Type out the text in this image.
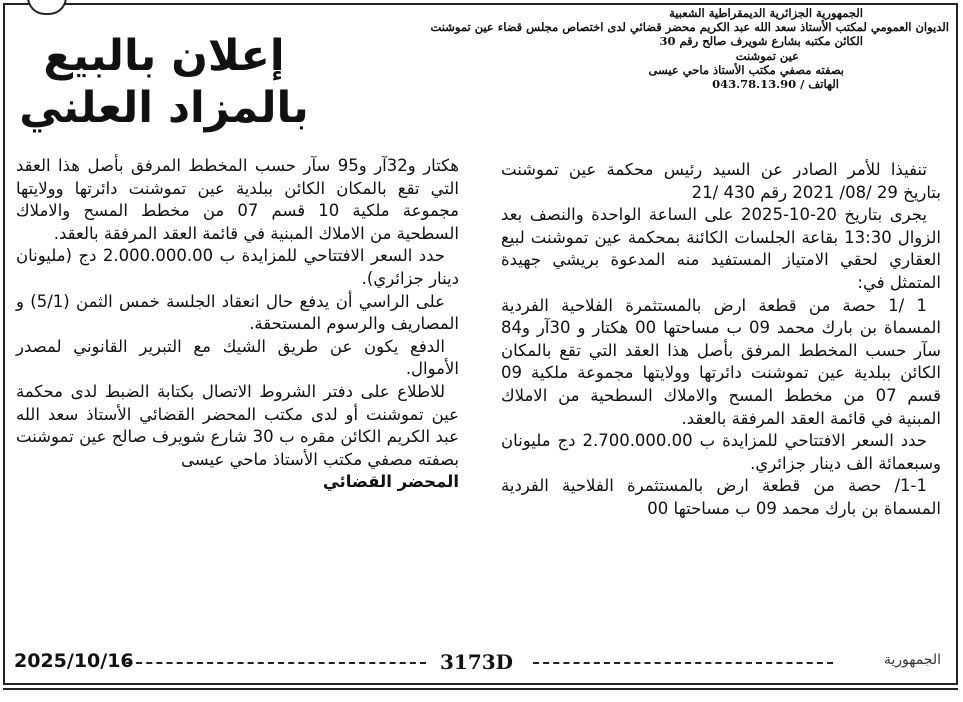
الجمهورية الجزائرية الديمقراطية الشعبية
الديوان العمومي لمكتب الأستاذ سعد الله عبد الكريم محضر قضائي لدى اختصاص مجلس قضاء عين تموشنت
الكائن مكتبه بشارع شويرف صالح رقم 30
عين تموشنت
بصفته مصفي مكتب الأستاذ ماحي عيسى
الهاتف / 043.78.13.90
إعلان بالبيع
بالمزاد العلني

تنفيذا للأمر الصادر عن السيد رئيس محكمة عين تموشنت بتاريخ 29 /08/ 2021 رقم 430 /21

يجرى بتاريخ 20-10-2025 على الساعة الواحدة والنصف بعد الزوال 13:30 بقاعة الجلسات الكائنة بمحكمة عين تموشنت لبيع العقاري لحقي الامتياز المستفيد منه المدعوة بريشي جهيدة المتمثل في:

1 /1 حصة من قطعة ارض بالمستثمرة الفلاحية الفردية المسماة بن بارك محمد 09 ب مساحتها 00 هكتار و 30آر و84 سآر حسب المخطط المرفق بأصل هذا العقد التي تقع بالمكان الكائن ببلدية عين تموشنت دائرتها وولايتها مجموعة ملكية 09 قسم 07 من مخطط المسح والاملاك السطحية من الاملاك المبنية في قائمة العقد المرفقة بالعقد.

حدد السعر الافتتاحي للمزايدة ب 2.700.000.00 دج مليونان وسبعمائة الف دينار جزائري.

1-1/ حصة من قطعة ارض بالمستثمرة الفلاحية الفردية المسماة بن بارك محمد 09 ب مساحتها 00

هكتار و32آر و95 سآر حسب المخطط المرفق بأصل هذا العقد التي تقع بالمكان الكائن ببلدية عين تموشنت دائرتها وولايتها مجموعة ملكية 10 قسم 07 من مخطط المسح والاملاك السطحية من الاملاك المبنية في قائمة العقد المرفقة بالعقد.

حدد السعر الافتتاحي للمزايدة ب 2.000.000.00 دج (مليونان دينار جزائري).

على الراسي أن يدفع حال انعقاد الجلسة خمس الثمن (5/1) و المصاريف والرسوم المستحقة.

الدفع يكون عن طريق الشيك مع التبرير القانوني لمصدر الأموال.

للاطلاع على دفتر الشروط الاتصال بكتابة الضبط لدى محكمة عين تموشنت أو لدى مكتب المحضر القضائي الأستاذ سعد الله عبد الكريم الكائن مقره ب 30 شارع شويرف صالح عين تموشنت بصفته مصفي مكتب الأستاذ ماحي عيسى

المحضر القضائي

2025/10/16	3173D	الجمهورية
